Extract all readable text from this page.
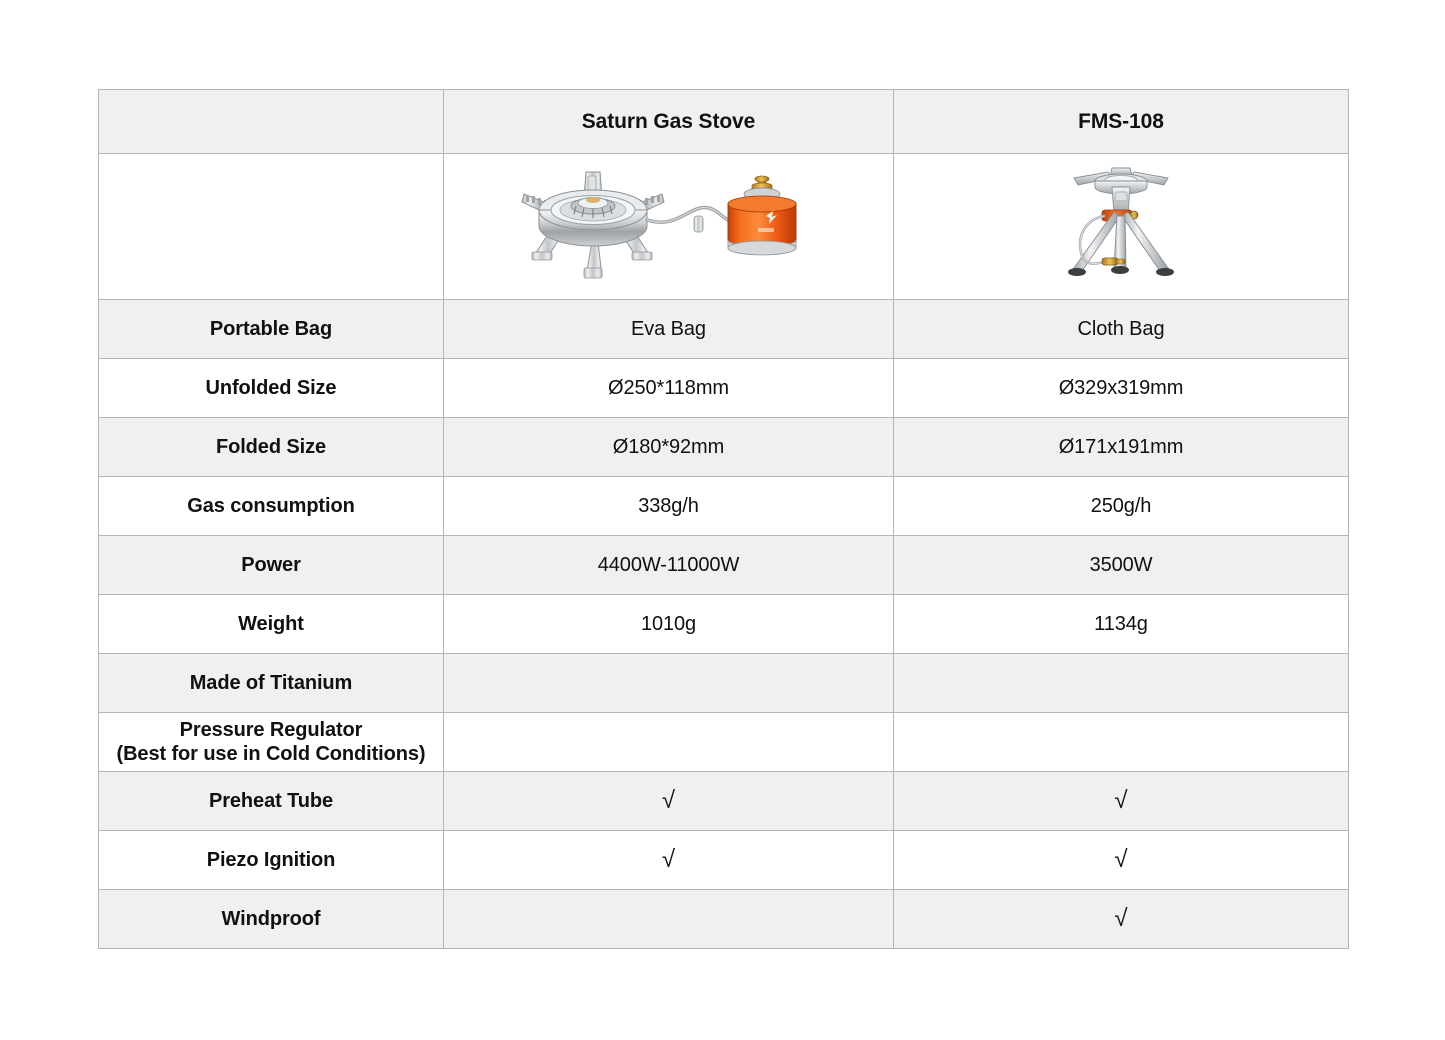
	Saturn Gas Stove	FMS-108

Portable Bag	Eva Bag	Cloth Bag
Unfolded Size	Ø250*118mm	Ø329x319mm
Folded Size	Ø180*92mm	Ø171x191mm
Gas consumption	338g/h	250g/h
Power	4400W-11000W	3500W
Weight	1010g	1134g
Made of Titanium		

Pressure Regulator
(Best for use in Cold Conditions)		

Preheat Tube	√	√
Piezo Ignition	√	√
Windproof		√
